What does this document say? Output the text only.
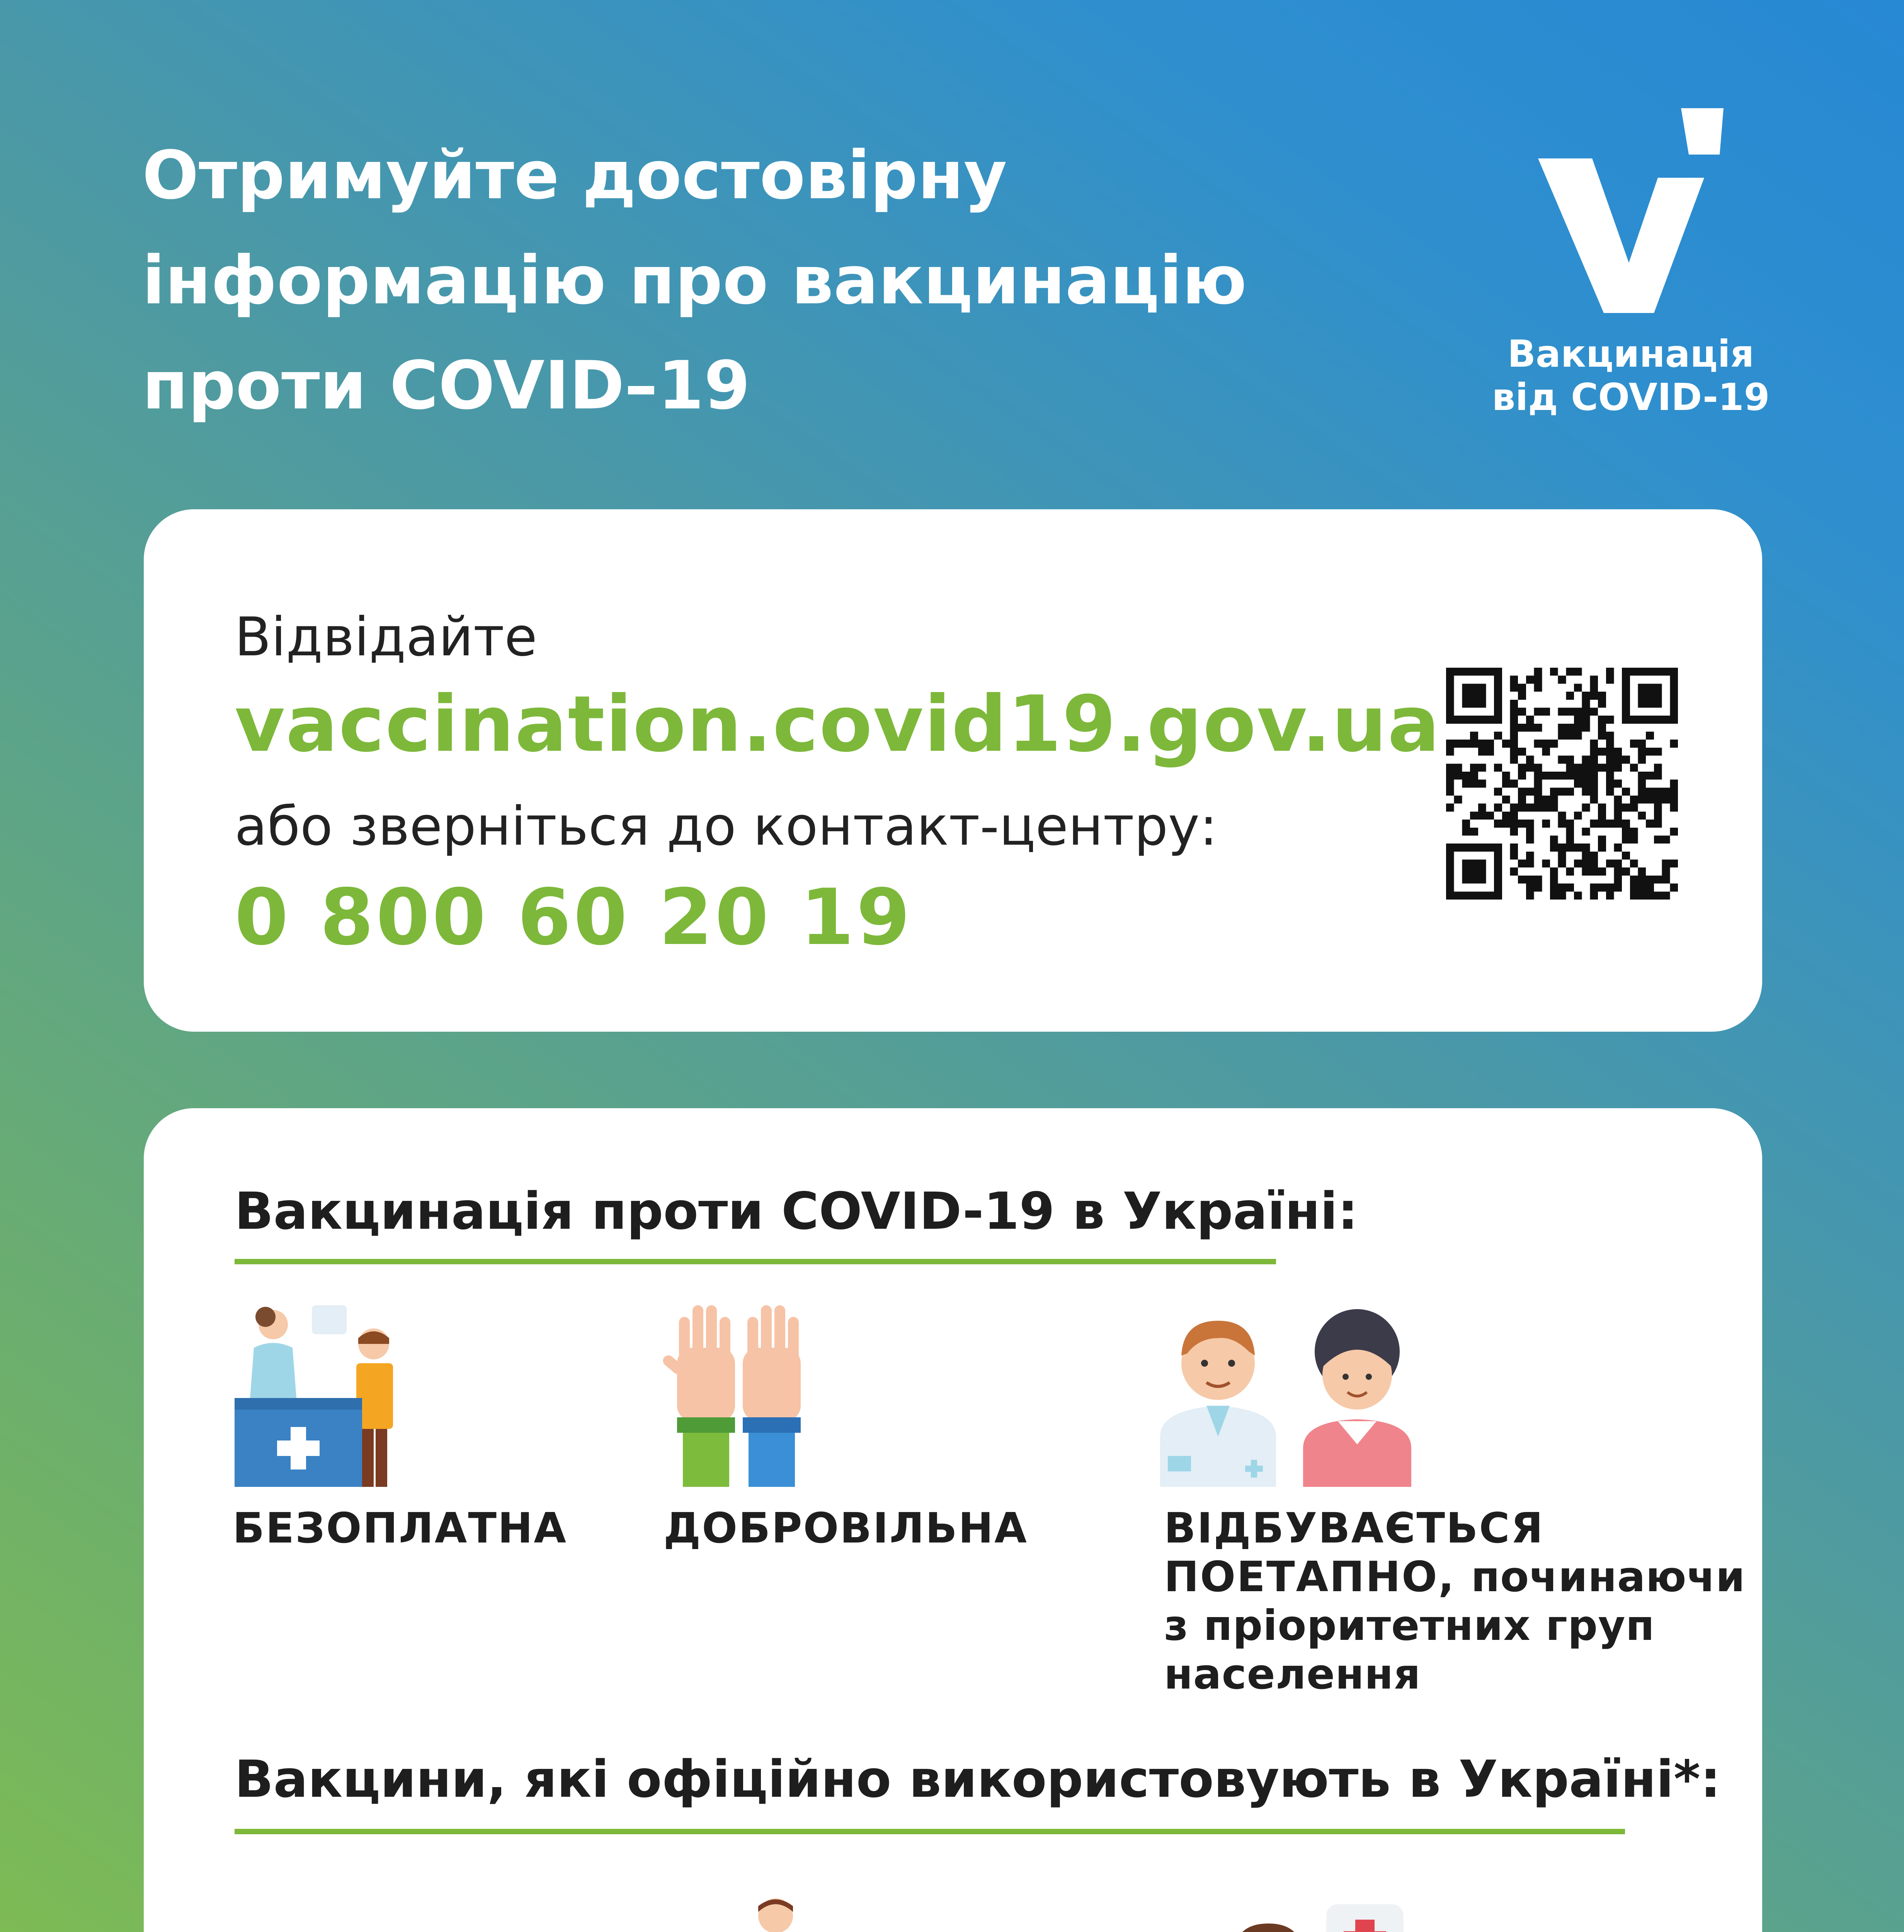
Отримуйте достовірну
інформацію про вакцинацію
проти COVID–19	Вакцинація
від COVID-19
Відвідайте
vaccination.covid19.gov.ua
або зверніться до контакт-центру:
0 800 60 20 19
Вакцинація проти COVID-19 в Україні:
БЕЗОПЛАТНА ДОБРОВІЛЬНА	ВІДБУВАЄТЬСЯ
ПОЕТАПНО, починаючи
з пріоритетних груп
населення
Вакцини, які офіційно використовують в Україні*:
